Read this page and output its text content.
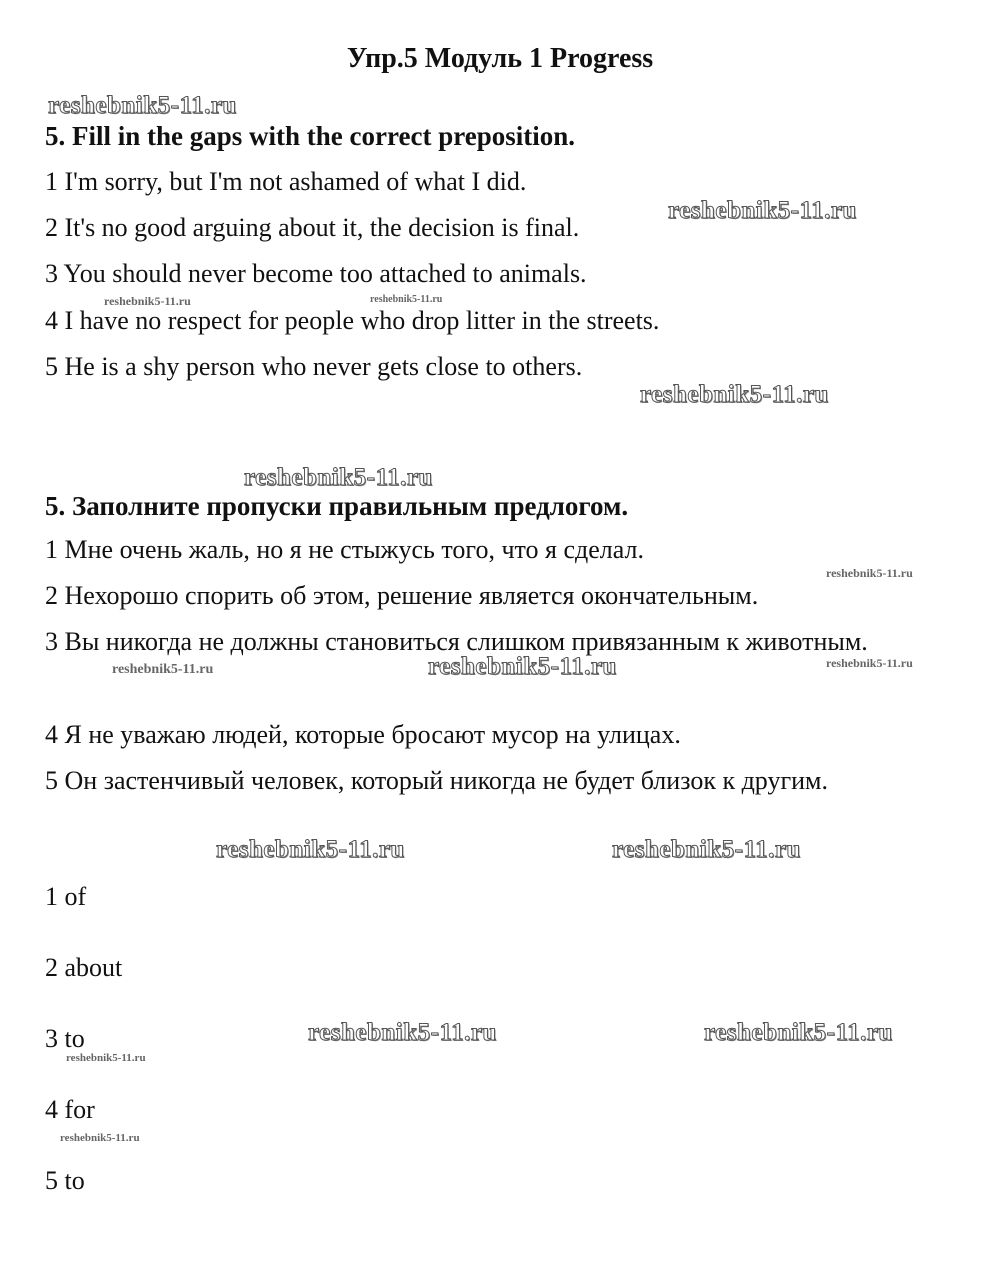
Упр.5 Модуль 1 Progress
5. Fill in the gaps with the correct preposition.
1 I'm sorry, but I'm not ashamed of what I did.
2 It's no good arguing about it, the decision is final.
3 You should never become too attached to animals.
4 I have no respect for people who drop litter in the streets.
5 He is a shy person who never gets close to others.
5. Заполните пропуски правильным предлогом.
1 Мне очень жаль, но я не стыжусь того, что я сделал.
2 Нехорошо спорить об этом, решение является окончательным.
3 Вы никогда не должны становиться слишком привязанным к животным.
4 Я не уважаю людей, которые бросают мусор на улицах.
5 Он застенчивый человек, который никогда не будет близок к другим.
1 of
2 about
3 to
4 for
5 to
reshebnik5-11.ru
reshebnik5-11.ru
reshebnik5-11.ru	reshebnik5-11.ru
reshebnik5-11.ru
reshebnik5-11.ru
reshebnik5-11.ru
reshebnik5-11.ru
reshebnik5-11.ru	reshebnik5-11.ru
reshebnik5-11.ru	reshebnik5-11.ru
reshebnik5-11.ru	reshebnik5-11.ru
reshebnik5-11.ru
reshebnik5-11.ru
